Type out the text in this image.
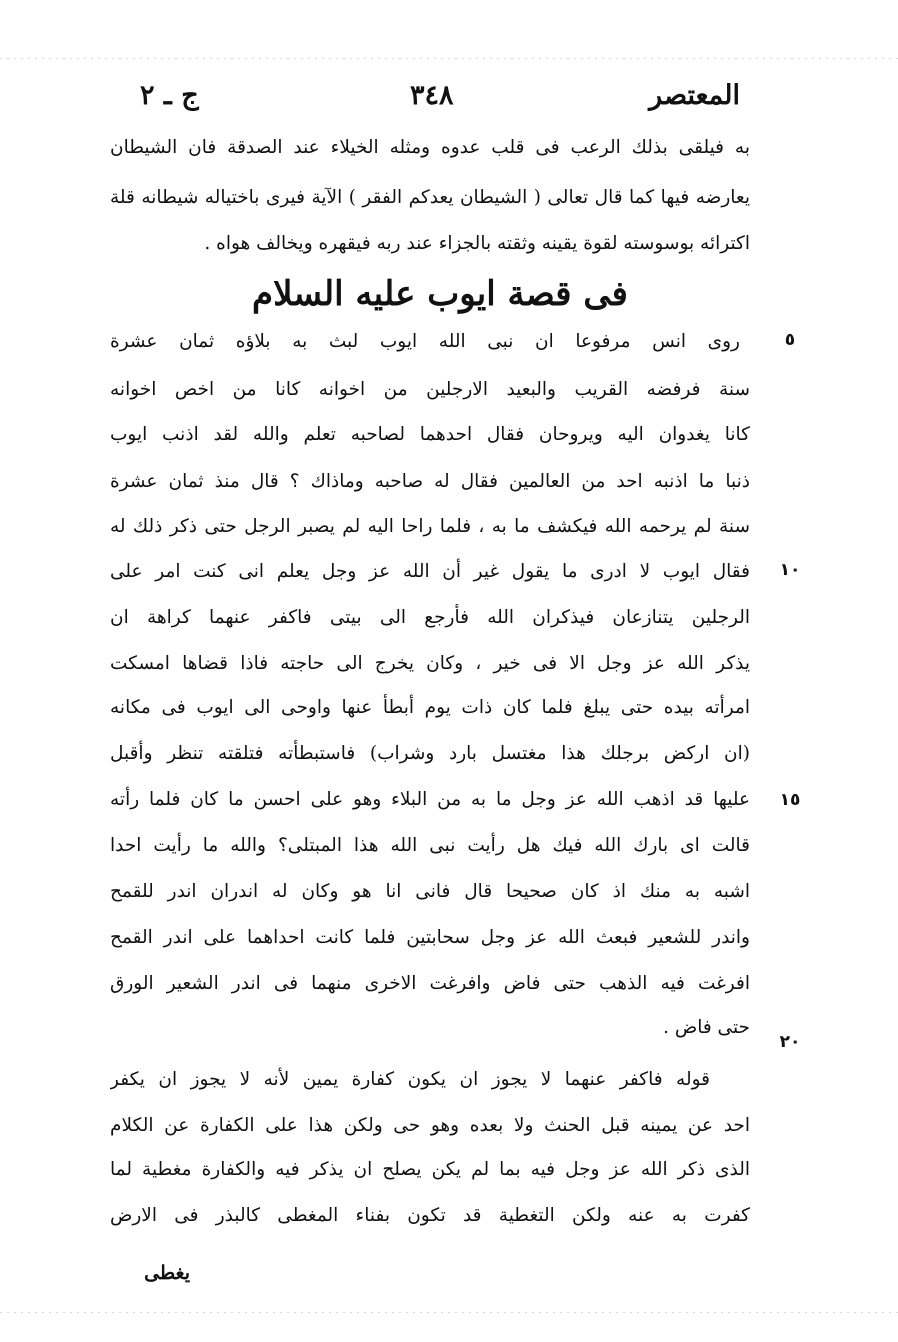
ج ـ ٢	٣٤٨	المعتصر
به فيلقى بذلك الرعب فى قلب عدوه ومثله الخيلاء عند الصدقة فان الشيطان
يعارضه فيها كما قال تعالى ( الشيطان يعدكم الفقر ) الآية فيرى باختياله شيطانه قلة
اكترائه بوسوسته لقوة يقينه وثقته بالجزاء عند ربه فيقهره ويخالف هواه .
فى قصة ايوب عليه السلام
٥
١٠
١٥
٢٠
روى انس مرفوعا ان نبى الله ايوب لبث به بلاؤه ثمان عشرة
سنة فرفضه القريب والبعيد الارجلين من اخوانه كانا من اخص اخوانه
كانا يغدوان اليه ويروحان فقال احدهما لصاحبه تعلم والله لقد اذنب ايوب
ذنبا ما اذنبه احد من العالمين فقال له صاحبه وماذاك ؟ قال منذ ثمان عشرة
سنة لم يرحمه الله فيكشف ما به ، فلما راحا اليه لم يصبر الرجل حتى ذكر ذلك له
فقال ايوب لا ادرى ما يقول غير أن الله عز وجل يعلم انى كنت امر على
الرجلين يتنازعان فيذكران الله فأرجع الى بيتى فاكفر عنهما كراهة ان
يذكر الله عز وجل الا فى خير ، وكان يخرج الى حاجته فاذا قضاها امسكت
امرأته بيده حتى يبلغ فلما كان ذات يوم أبطأ عنها واوحى الى ايوب فى مكانه
(ان اركض برجلك هذا مغتسل بارد وشراب) فاستبطأته فتلقته تنظر وأقبل
عليها قد اذهب الله عز وجل ما به من البلاء وهو على احسن ما كان فلما رأته
قالت اى بارك الله فيك هل رأيت نبى الله هذا المبتلى؟ والله ما رأيت احدا
اشبه به منك اذ كان صحيحا قال فانى انا هو وكان له اندران اندر للقمح
واندر للشعير فبعث الله عز وجل سحابتين فلما كانت احداهما على اندر القمح
افرغت فيه الذهب حتى فاض وافرغت الاخرى منهما فى اندر الشعير الورق
حتى فاض .
قوله فاكفر عنهما لا يجوز ان يكون كفارة يمين لأنه لا يجوز ان يكفر
احد عن يمينه قبل الحنث ولا بعده وهو حى ولكن هذا على الكفارة عن الكلام
الذى ذكر الله عز وجل فيه بما لم يكن يصلح ان يذكر فيه والكفارة مغطية لما
كفرت به عنه ولكن التغطية قد تكون بفناء المغطى كالبذر فى الارض
يغطى
